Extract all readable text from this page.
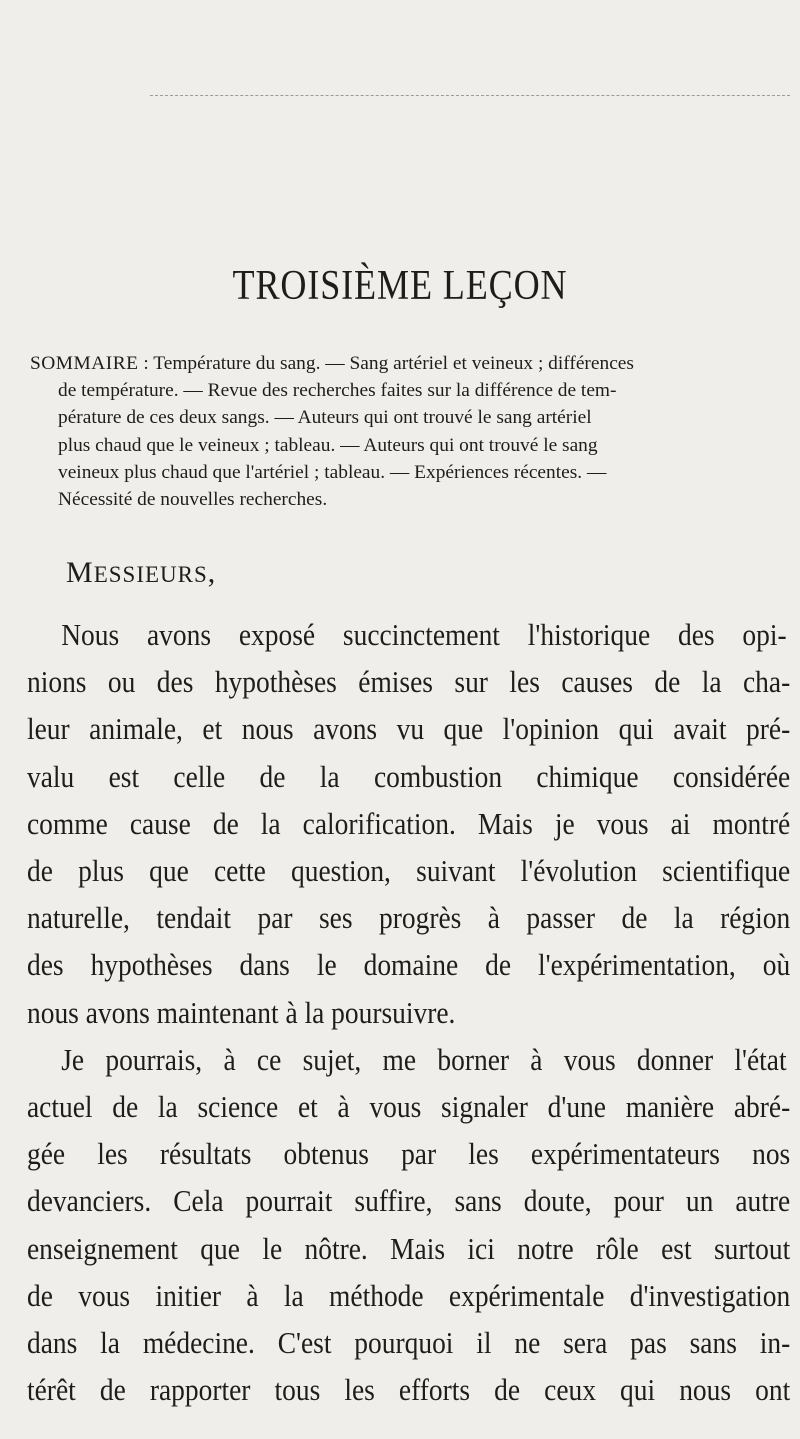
TROISIÈME LEÇON
SOMMAIRE : Température du sang. — Sang artériel et veineux ; différences
de température. — Revue des recherches faites sur la différence de tem-
pérature de ces deux sangs. — Auteurs qui ont trouvé le sang artériel
plus chaud que le veineux ; tableau. — Auteurs qui ont trouvé le sang
veineux plus chaud que l'artériel ; tableau. — Expériences récentes. —
Nécessité de nouvelles recherches.
MESSIEURS,
Nous avons exposé succinctement l'historique des opi-
nions ou des hypothèses émises sur les causes de la cha-
leur animale, et nous avons vu que l'opinion qui avait pré-
valu est celle de la combustion chimique considérée
comme cause de la calorification. Mais je vous ai montré
de plus que cette question, suivant l'évolution scientifique
naturelle, tendait par ses progrès à passer de la région
des hypothèses dans le domaine de l'expérimentation, où
nous avons maintenant à la poursuivre.
Je pourrais, à ce sujet, me borner à vous donner l'état
actuel de la science et à vous signaler d'une manière abré-
gée les résultats obtenus par les expérimentateurs nos
devanciers. Cela pourrait suffire, sans doute, pour un autre
enseignement que le nôtre. Mais ici notre rôle est surtout
de vous initier à la méthode expérimentale d'investigation
dans la médecine. C'est pourquoi il ne sera pas sans in-
térêt de rapporter tous les efforts de ceux qui nous ont
